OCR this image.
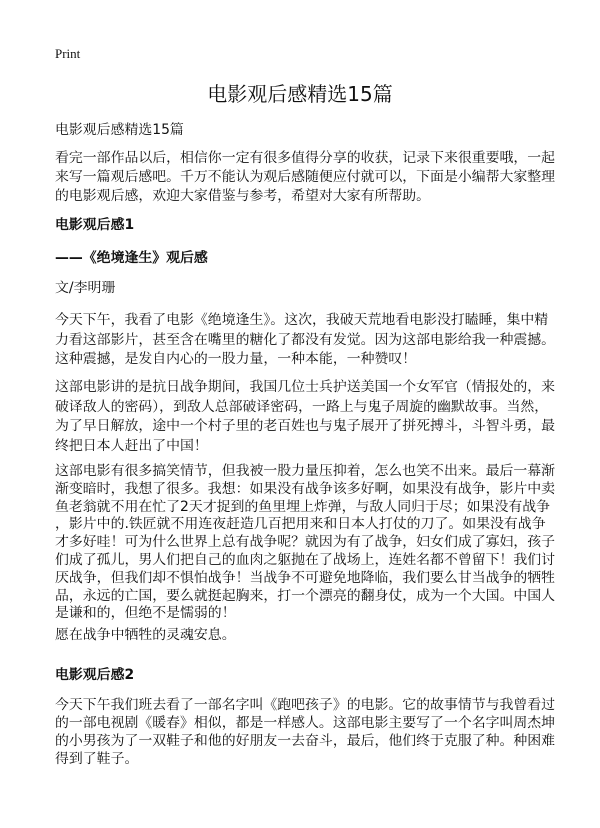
Print
电影观后感精选15篇
电影观后感精选15篇
看完一部作品以后，相信你一定有很多值得分享的收获，记录下来很重要哦，一起
来写一篇观后感吧。千万不能认为观后感随便应付就可以，下面是小编帮大家整理
的电影观后感，欢迎大家借鉴与参考，希望对大家有所帮助。
电影观后感1
——《绝境逢生》观后感
文/李明珊
今天下午，我看了电影《绝境逢生》。这次，我破天荒地看电影没打瞌睡，集中精
力看这部影片，甚至含在嘴里的糖化了都没有发觉。因为这部电影给我一种震撼。
这种震撼，是发自内心的一股力量，一种本能，一种赞叹！
这部电影讲的是抗日战争期间，我国几位士兵护送美国一个女军官（情报处的，来
破译敌人的密码），到敌人总部破译密码，一路上与鬼子周旋的幽默故事。当然，
为了早日解放，途中一个村子里的老百姓也与鬼子展开了拼死搏斗，斗智斗勇，最
终把日本人赶出了中国！
这部电影有很多搞笑情节，但我被一股力量压抑着，怎么也笑不出来。最后一幕渐
渐变暗时，我想了很多。我想：如果没有战争该多好啊，如果没有战争，影片中卖
鱼老翁就不用在忙了2天才捉到的鱼里埋上炸弹，与敌人同归于尽；如果没有战争
，影片中的.铁匠就不用连夜赶造几百把用来和日本人打仗的刀了。如果没有战争
才多好哇！可为什么世界上总有战争呢？就因为有了战争，妇女们成了寡妇，孩子
们成了孤儿，男人们把自己的血肉之躯抛在了战场上，连姓名都不曾留下！我们讨
厌战争，但我们却不惧怕战争！当战争不可避免地降临，我们要么甘当战争的牺牲
品，永远的亡国，要么就挺起胸来，打一个漂亮的翻身仗，成为一个大国。中国人
是谦和的，但绝不是懦弱的！
愿在战争中牺牲的灵魂安息。
电影观后感2
今天下午我们班去看了一部名字叫《跑吧孩子》的电影。它的故事情节与我曾看过
的一部电视剧《暖春》相似，都是一样感人。这部电影主要写了一个名字叫周杰坤
的小男孩为了一双鞋子和他的好朋友一去奋斗，最后，他们终于克服了种。种困难
得到了鞋子。
